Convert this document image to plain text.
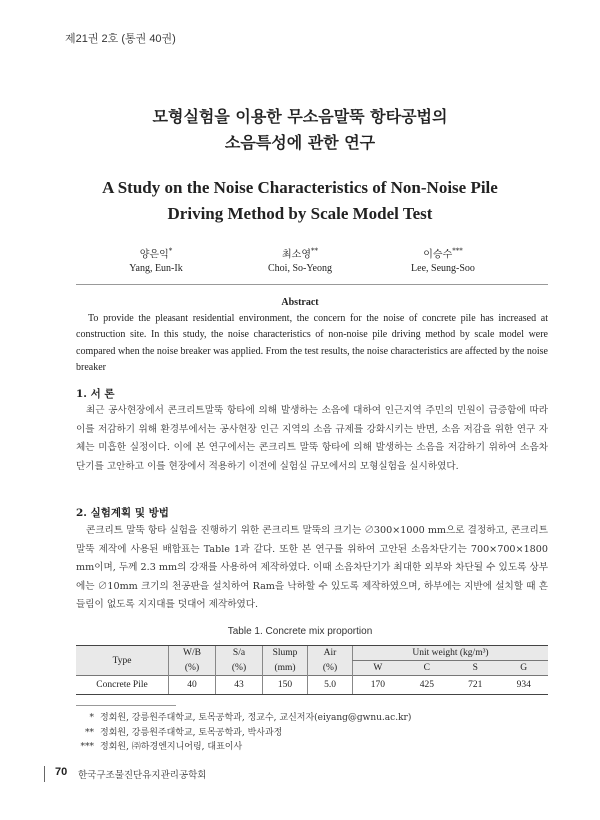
제21권 2호 (통권 40권)
모형실험을 이용한 무소음말뚝 항타공법의
소음특성에 관한 연구
A Study on the Noise Characteristics of Non-Noise Pile
Driving Method by Scale Model Test
양은익*
Yang, Eun-Ik
최소영**
Choi, So-Yeong
이승수***
Lee, Seung-Soo
Abstract
To provide the pleasant residential environment, the concern for the noise of concrete pile has increased at construction site. In this study, the noise characteristics of non-noise pile driving method by scale model were compared when the noise breaker was applied. From the test results, the noise characteristics are affected by the noise breaker
1. 서 론
최근 공사현장에서 콘크리트말뚝 항타에 의해 발생하는 소음에 대하여 인근지역 주민의 민원이 급증함에 따라 이를 저감하기 위해 환경부에서는 공사현장 인근 지역의 소음 규제를 강화시키는 반면, 소음 저감을 위한 연구 자체는 미흡한 실정이다. 이에 본 연구에서는 콘크리트 말뚝 항타에 의해 발생하는 소음을 저감하기 위하여 소음차단기를 고안하고 이를 현장에서 적용하기 이전에 실험실 규모에서의 모형실험을 실시하였다.
2. 실험계획 및 방법
콘크리트 말뚝 항타 실험을 진행하기 위한 콘크리트 말뚝의 크기는 ∅300×1000 mm으로 결정하고, 콘크리트 말뚝 제작에 사용된 배합표는 Table 1과 같다. 또한 본 연구를 위하여 고안된 소음차단기는 700×700×1800 mm이며, 두께 2.3 mm의 강재를 사용하여 제작하였다. 이때 소음차단기가 최대한 외부와 차단될 수 있도록 상부에는 ∅10mm 크기의 천공판을 설치하여 Ram을 낙하할 수 있도록 제작하였으며, 하부에는 지반에 설치할 때 흔들림이 없도록 지지대를 덧대어 제작하였다.
Table 1. Concrete mix proportion
Type	W/B	S/a	Slump	Air	Unit weight (kg/m³)			
	(%)	(%)	(mm)	(%)	W	C	S	G
Concrete Pile	40	43	150	5.0	170	425	721	934
* 정회원, 강릉원주대학교, 토목공학과, 정교수, 교신저자(eiyang@gwnu.ac.kr)
** 정회원, 강릉원주대학교, 토목공학과, 박사과정
*** 정회원, ㈜하경엔지니어링, 대표이사
70 한국구조물진단유지관리공학회
